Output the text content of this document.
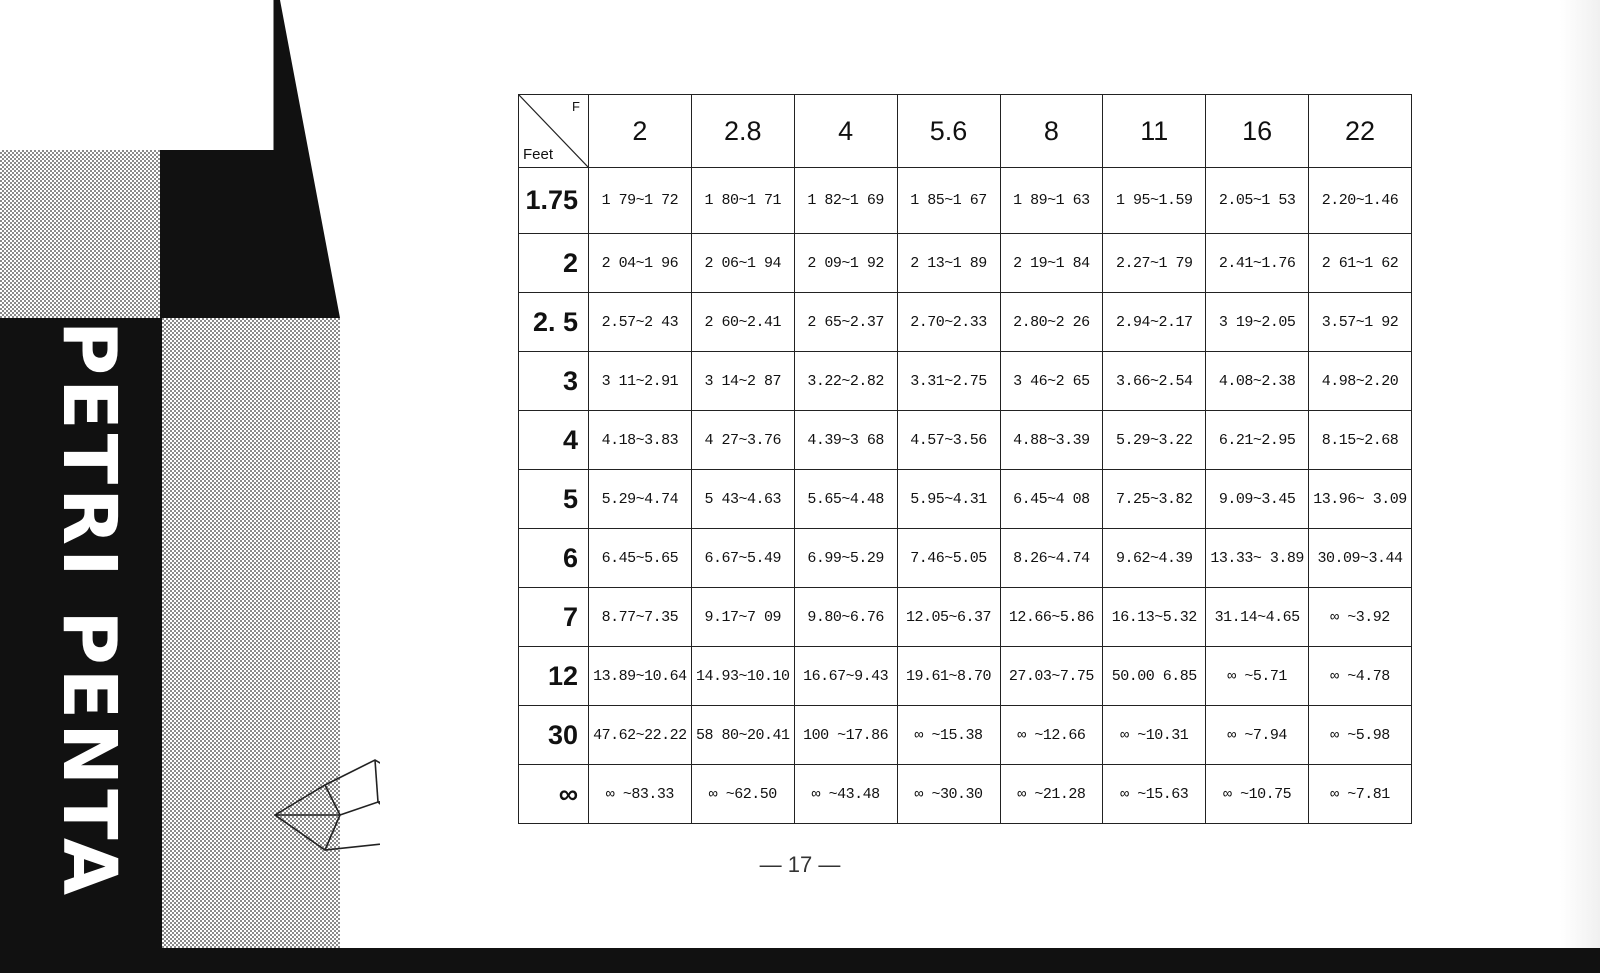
PETRI PENTA
F
Feet	2	2.8	4	5.6	8	11	16	22
1.75	1 79~1 72	1 80~1 71	1 82~1 69	1 85~1 67	1 89~1 63	1 95~1.59	2.05~1 53	2.20~1.46
2	2 04~1 96	2 06~1 94	2 09~1 92	2 13~1 89	2 19~1 84	2.27~1 79	2.41~1.76	2 61~1 62
2. 5	2.57~2 43	2 60~2.41	2 65~2.37	2.70~2.33	2.80~2 26	2.94~2.17	3 19~2.05	3.57~1 92
3	3 11~2.91	3 14~2 87	3.22~2.82	3.31~2.75	3 46~2 65	3.66~2.54	4.08~2.38	4.98~2.20
4	4.18~3.83	4 27~3.76	4.39~3 68	4.57~3.56	4.88~3.39	5.29~3.22	6.21~2.95	8.15~2.68
5	5.29~4.74	5 43~4.63	5.65~4.48	5.95~4.31	6.45~4 08	7.25~3.82	9.09~3.45	13.96~ 3.09
6	6.45~5.65	6.67~5.49	6.99~5.29	7.46~5.05	8.26~4.74	9.62~4.39	13.33~ 3.89	30.09~3.44
7	8.77~7.35	9.17~7 09	9.80~6.76	12.05~6.37	12.66~5.86	16.13~5.32	31.14~4.65	∞ ~3.92
12	13.89~10.64	14.93~10.10	16.67~9.43	19.61~8.70	27.03~7.75	50.00 6.85	∞ ~5.71	∞ ~4.78
30	47.62~22.22	58 80~20.41	100 ~17.86	∞ ~15.38	∞ ~12.66	∞ ~10.31	∞ ~7.94	∞ ~5.98
∞	∞ ~83.33	∞ ~62.50	∞ ~43.48	∞ ~30.30	∞ ~21.28	∞ ~15.63	∞ ~10.75	∞ ~7.81
— 17 —
